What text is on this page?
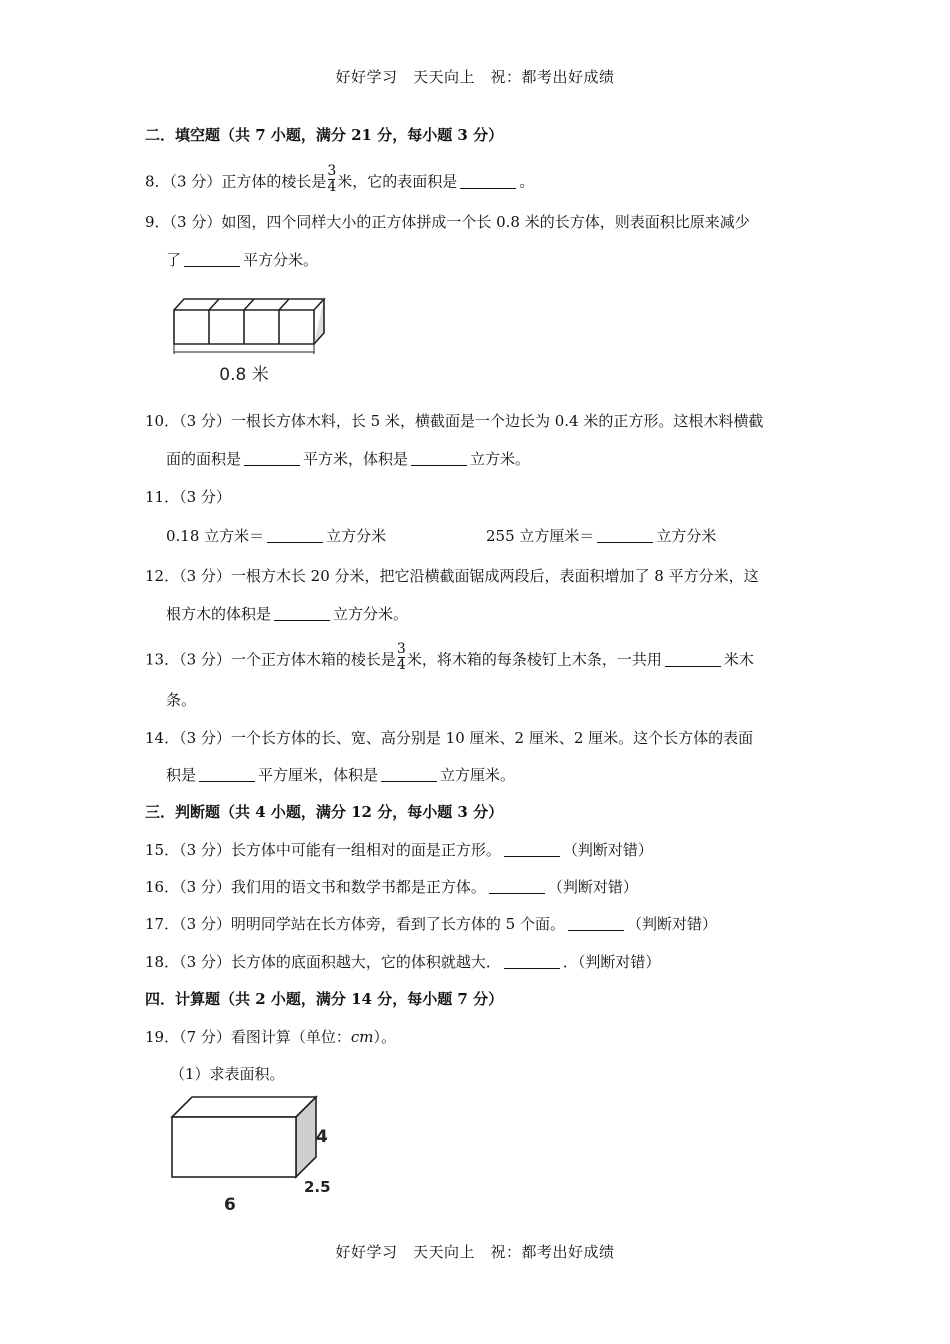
好好学习　天天向上　祝：都考出好成绩
二．填空题（共 7 小题，满分 21 分，每小题 3 分）
8．（3 分）正方体的棱长是 $\frac{3}{4}$ 米，它的表面积是	。
9．（3 分）如图，四个同样大小的正方体拼成一个长 0.8 米的长方体，则表面积比原来减少
了	平方分米。
0.8 米
10．（3 分）一根长方体木料，长 5 米，横截面是一个边长为 0.4 米的正方形。这根木料横截
面的面积是	平方米，体积是	立方米。
11．（3 分）
0.18 立方米＝	立方分米	255 立方厘米＝	立方分米
12．（3 分）一根方木长 20 分米，把它沿横截面锯成两段后，表面积增加了 8 平方分米，这
根方木的体积是	立方分米。
13．（3 分）一个正方体木箱的棱长是 $\frac{3}{4}$ 米，将木箱的每条棱钉上木条，一共用	米木
条。
14．（3 分）一个长方体的长、宽、高分别是 10 厘米、2 厘米、2 厘米。这个长方体的表面
积是	平方厘米，体积是	立方厘米。
三．判断题（共 4 小题，满分 12 分，每小题 3 分）
15．（3 分）长方体中可能有一组相对的面是正方形。	（判断对错）
16．（3 分）我们用的语文书和数学书都是正方体。	（判断对错）
17．（3 分）明明同学站在长方体旁，看到了长方体的 5 个面。	（判断对错）
18．（3 分）长方体的底面积越大，它的体积就越大．	．（判断对错）
四．计算题（共 2 小题，满分 14 分，每小题 7 分）
19．（7 分）看图计算（单位：cm）。
（1）求表面积。
4
2.5
6
好好学习　天天向上　祝：都考出好成绩
